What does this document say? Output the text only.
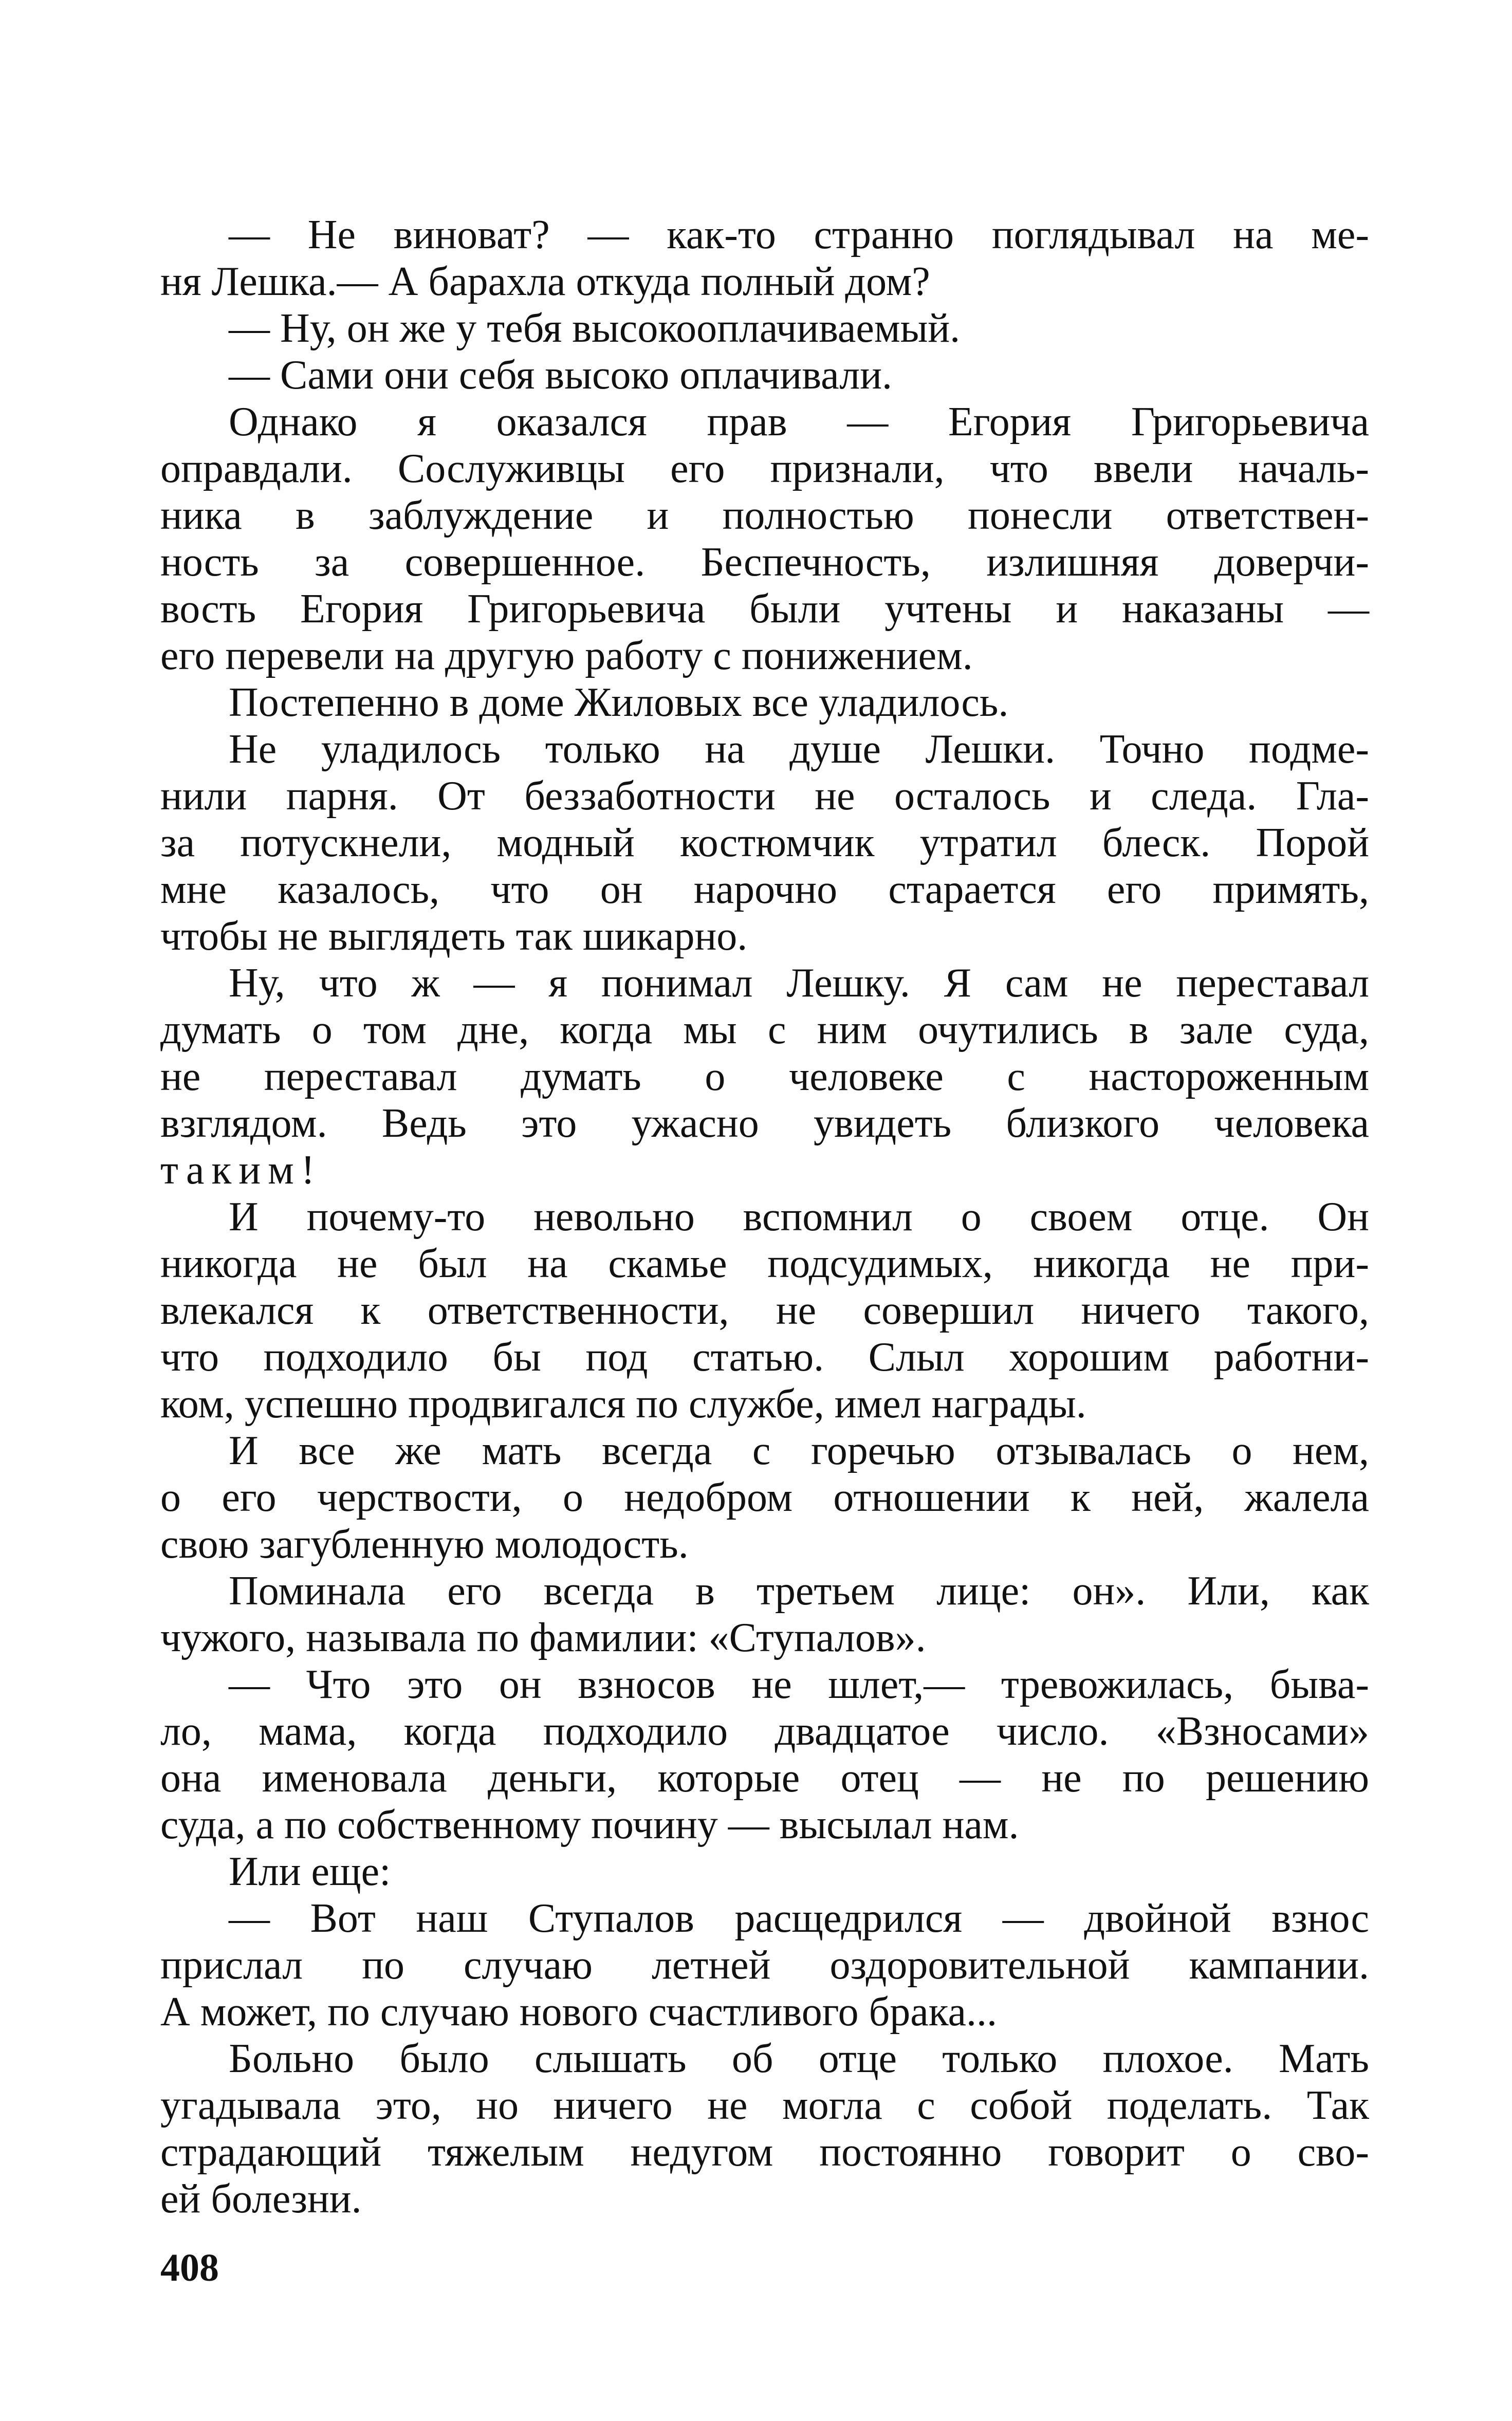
— Не виноват? — как-то странно поглядывал на ме-
ня Лешка.— А барахла откуда полный дом?
— Ну, он же у тебя высокооплачиваемый.
— Сами они себя высоко оплачивали.
Однако я оказался прав — Егория Григорьевича
оправдали. Сослуживцы его признали, что ввели началь-
ника в заблуждение и полностью понесли ответствен-
ность за совершенное. Беспечность, излишняя доверчи-
вость Егория Григорьевича были учтены и наказаны —
его перевели на другую работу с понижением.
Постепенно в доме Жиловых все уладилось.
Не уладилось только на душе Лешки. Точно подме-
нили парня. От беззаботности не осталось и следа. Гла-
за потускнели, модный костюмчик утратил блеск. Порой
мне казалось, что он нарочно старается его примять,
чтобы не выглядеть так шикарно.
Ну, что ж — я понимал Лешку. Я сам не переставал
думать о том дне, когда мы с ним очутились в зале суда,
не переставал думать о человеке с настороженным
взглядом. Ведь это ужасно увидеть близкого человека
таким!
И почему-то невольно вспомнил о своем отце. Он
никогда не был на скамье подсудимых, никогда не при-
влекался к ответственности, не совершил ничего такого,
что подходило бы под статью. Слыл хорошим работни-
ком, успешно продвигался по службе, имел награды.
И все же мать всегда с горечью отзывалась о нем,
о его черствости, о недобром отношении к ней, жалела
свою загубленную молодость.
Поминала его всегда в третьем лице: он». Или, как
чужого, называла по фамилии: «Ступалов».
— Что это он взносов не шлет,— тревожилась, быва-
ло, мама, когда подходило двадцатое число. «Взносами»
она именовала деньги, которые отец — не по решению
суда, а по собственному почину — высылал нам.
Или еще:
— Вот наш Ступалов расщедрился — двойной взнос
прислал по случаю летней оздоровительной кампании.
А может, по случаю нового счастливого брака...
Больно было слышать об отце только плохое. Мать
угадывала это, но ничего не могла с собой поделать. Так
страдающий тяжелым недугом постоянно говорит о сво-
ей болезни.
408
